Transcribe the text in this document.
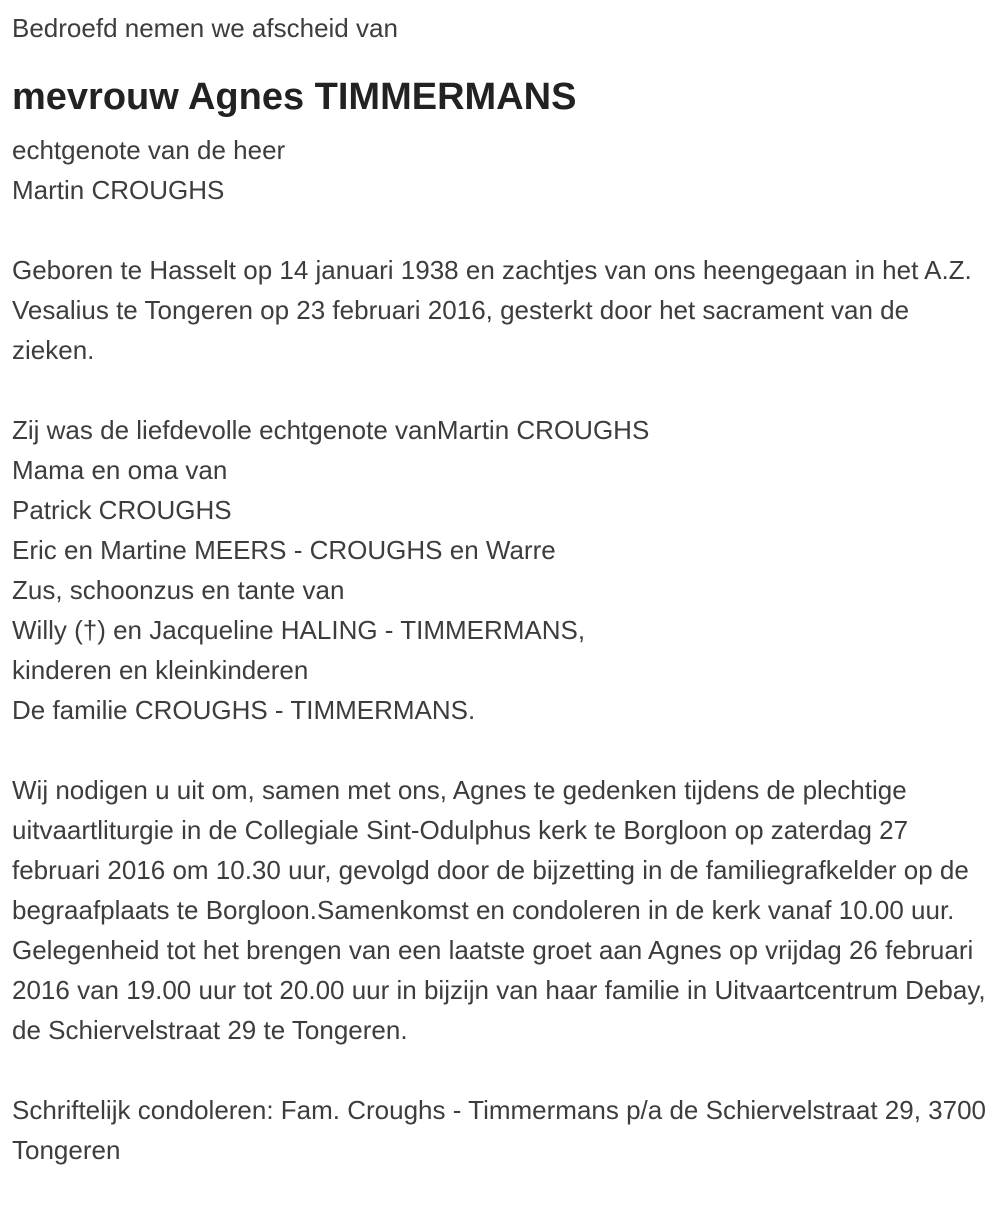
Bedroefd nemen we afscheid van
mevrouw Agnes TIMMERMANS
echtgenote van de heer
Martin CROUGHS

Geboren te Hasselt op 14 januari 1938 en zachtjes van ons heengegaan in het A.Z. Vesalius te Tongeren op 23 februari 2016, gesterkt door het sacrament van de zieken.

Zij was de liefdevolle echtgenote vanMartin CROUGHS
Mama en oma van
Patrick CROUGHS
Eric en Martine MEERS - CROUGHS en Warre
Zus, schoonzus en tante van
Willy (†) en Jacqueline HALING - TIMMERMANS,
kinderen en kleinkinderen
De familie CROUGHS - TIMMERMANS.

Wij nodigen u uit om, samen met ons, Agnes te gedenken tijdens de plechtige uitvaartliturgie in de Collegiale Sint-Odulphus kerk te Borgloon op zaterdag 27 februari 2016 om 10.30 uur, gevolgd door de bijzetting in de familiegrafkelder op de begraafplaats te Borgloon.Samenkomst en condoleren in de kerk vanaf 10.00 uur.

Gelegenheid tot het brengen van een laatste groet aan Agnes op vrijdag 26 februari 2016 van 19.00 uur tot 20.00 uur in bijzijn van haar familie in Uitvaartcentrum Debay, de Schiervelstraat 29 te Tongeren.

Schriftelijk condoleren: Fam. Croughs - Timmermans p/a de Schiervelstraat 29, 3700 Tongeren
